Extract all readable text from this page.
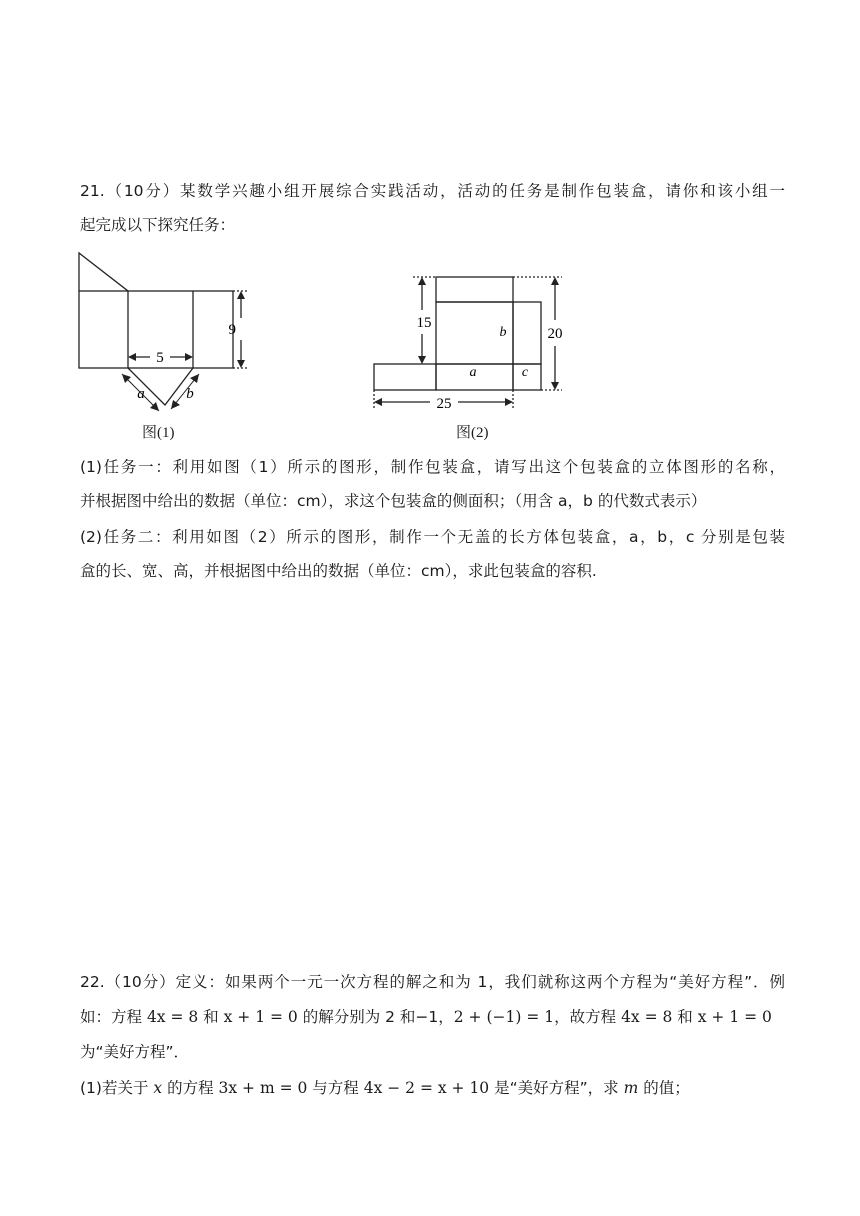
21.（10分）某数学兴趣小组开展综合实践活动，活动的任务是制作包装盒，请你和该小组一
起完成以下探究任务：
9
5
a	b
图(1)
15
20
25
a
b
c
图(2)
(1)任务一：利用如图（1）所示的图形，制作包装盒，请写出这个包装盒的立体图形的名称，
并根据图中给出的数据（单位：cm），求这个包装盒的侧面积；（用含 a，b 的代数式表示）
(2)任务二：利用如图（2）所示的图形，制作一个无盖的长方体包装盒，a，b，c 分别是包装
盒的长、宽、高，并根据图中给出的数据（单位：cm），求此包装盒的容积.
22.（10分）定义：如果两个一元一次方程的解之和为 1，我们就称这两个方程为“美好方程”．例
如：方程 4x = 8 和 x + 1 = 0 的解分别为 2 和−1，2 + (−1) = 1，故方程 4x = 8 和 x + 1 = 0
为“美好方程”．
(1)若关于 x 的方程 3x + m = 0 与方程 4x − 2 = x + 10 是“美好方程”，求 m 的值；
